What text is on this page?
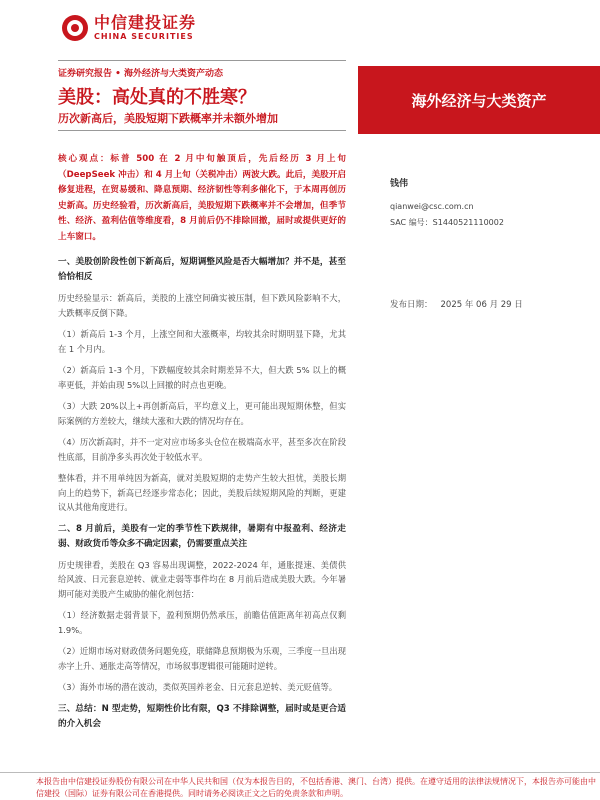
中信建投证券
CHINA SECURITIES
证券研究报告 • 海外经济与大类资产动态
美股：高处真的不胜寒？
历次新高后，美股短期下跌概率并未额外增加
海外经济与大类资产

核心观点：标普 500 在 2 月中旬触顶后，先后经历 3 月上旬（DeepSeek 冲击）和 4 月上旬（关税冲击）两波大跌。此后，美股开启修复进程，在贸易缓和、降息预期、经济韧性等利多催化下，于本周再创历史新高。历史经验看，历次新高后，美股短期下跌概率并不会增加，但季节性、经济、盈利估值等维度看，8 月前后仍不排除回撤，届时或提供更好的上车窗口。

一、美股创阶段性创下新高后，短期调整风险是否大幅增加？并不是，甚至恰恰相反

历史经验显示：新高后，美股的上涨空间确实被压制，但下跌风险影响不大，大跌概率反倒下降。

（1）新高后 1-3 个月，上涨空间和大涨概率，均较其余时期明显下降，尤其在 1 个月内。

（2）新高后 1-3 个月，下跌幅度较其余时期差异不大，但大跌 5% 以上的概率更低，并始由现 5%以上回撤的时点也更晚。

（3）大跌 20%以上+再创新高后，平均意义上，更可能出现短期休整，但实际案例的方差较大，继续大涨和大跌的情况均存在。

（4）历次新高时，并不一定对应市场多头仓位在极端高水平，甚至多次在阶段性底部，目前净多头再次处于较低水平。

整体看，并不用单纯因为新高，就对美股短期的走势产生较大担忧，美股长期向上的趋势下，新高已经逐步常态化；因此，美股后续短期风险的判断，更建议从其他角度进行。

二、8 月前后，美股有一定的季节性下跌规律，暑期有中报盈利、经济走弱、财政货币等众多不确定因素，仍需要重点关注

历史规律看，美股在 Q3 容易出现调整，2022-2024 年，通胀提速、美债供给风波、日元套息逆转、就业走弱等事件均在 8 月前后造成美股大跌。今年暑期可能对美股产生威胁的催化剂包括：

（1）经济数据走弱背景下，盈利预期仍然承压，前瞻估值距离年初高点仅剩 1.9%。

（2）近期市场对财政债务问题免疫，联储降息预期极为乐观，三季度一旦出现赤字上升、通胀走高等情况，市场叙事逻辑很可能随时逆转。

（3）海外市场的潜在波动，类似英国养老金、日元套息逆转、美元贬值等。

三、总结：N 型走势，短期性价比有限，Q3 不排除调整，届时或是更合适的介入机会

钱伟
qianwei@csc.com.cn
SAC 编号：S1440521110002
发布日期： 2025 年 06 月 29 日
本报告由中信建投证券股份有限公司在中华人民共和国（仅为本报告目的，不包括香港、澳门、台湾）提供。在遵守适用的法律法规情况下，本报告亦可能由中信建投（国际）证券有限公司在香港提供。同时请务必阅读正文之后的免责条款和声明。
